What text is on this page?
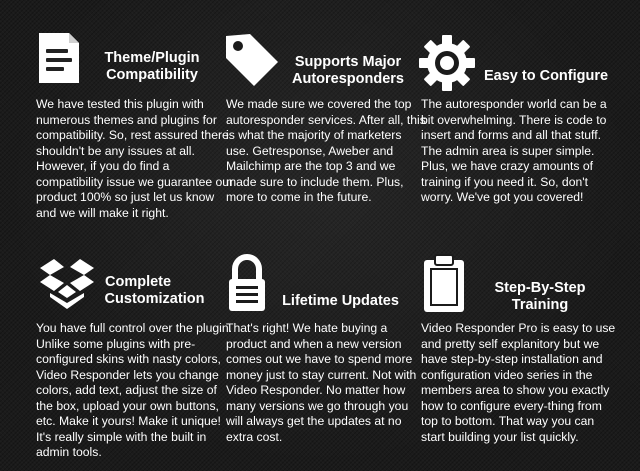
Theme/Plugin
Compatibility

We have tested this plugin with numerous themes and plugins for compatibility. So, rest assured there shouldn't be any issues at all. However, if you do find a compatibility issue we guarantee our product 100% so just let us know and we will make it right.

Supports Major
Autoresponders

We made sure we covered the top autoresponder services. After all, this is what the majority of marketers use. Getresponse, Aweber and Mailchimp are the top 3 and we made sure to include them. Plus, more to come in the future.

Easy to Configure

The autoresponder world can be a bit overwhelming. There is code to insert and forms and all that stuff. The admin area is super simple. Plus, we have crazy amounts of training if you need it. So, don't worry. We've got you covered!

Complete
Customization

You have full control over the plugin. Unlike some plugins with pre-configured skins with nasty colors, Video Responder lets you change colors, add text, adjust the size of the box, upload your own buttons, etc. Make it yours! Make it unique! It's really simple with the built in admin tools.

Lifetime Updates

That's right! We hate buying a product and when a new version comes out we have to spend more money just to stay current. Not with Video Responder. No matter how many versions we go through you will always get the updates at no extra cost.

Step-By-Step
Training

Video Responder Pro is easy to use and pretty self explanitory but we have step-by-step installation and configuration video series in the members area to show you exactly how to configure every-thing from top to bottom. That way you can start building your list quickly.
